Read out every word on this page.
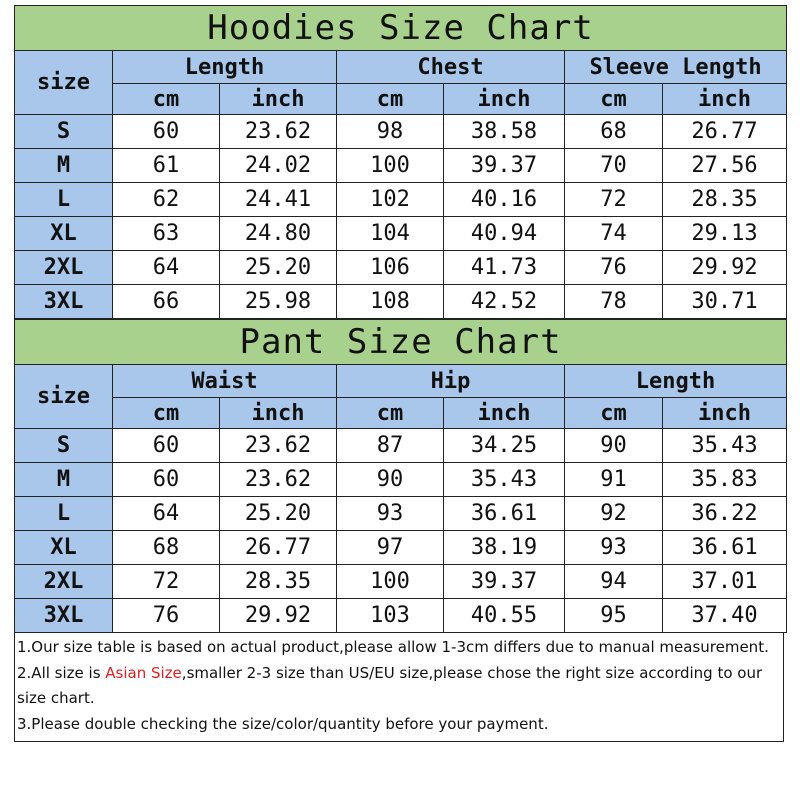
Hoodies Size Chart						
size	Length		Chest		Sleeve Length	
	cm	inch	cm	inch	cm	inch
S	60	23.62	98	38.58	68	26.77
M	61	24.02	100	39.37	70	27.56
L	62	24.41	102	40.16	72	28.35
XL	63	24.80	104	40.94	74	29.13
2XL	64	25.20	106	41.73	76	29.92
3XL	66	25.98	108	42.52	78	30.71
Pant Size Chart						
size	Waist		Hip		Length	
	cm	inch	cm	inch	cm	inch
S	60	23.62	87	34.25	90	35.43
M	60	23.62	90	35.43	91	35.83
L	64	25.20	93	36.61	92	36.22
XL	68	26.77	97	38.19	93	36.61
2XL	72	28.35	100	39.37	94	37.01
3XL	76	29.92	103	40.55	95	37.40
1.Our size table is based on actual product,please allow 1-3cm differs due to manual measurement.
2.All size is Asian Size,smaller 2-3 size than US/EU size,please chose the right size according to our size chart.
3.Please double checking the size/color/quantity before your payment.
